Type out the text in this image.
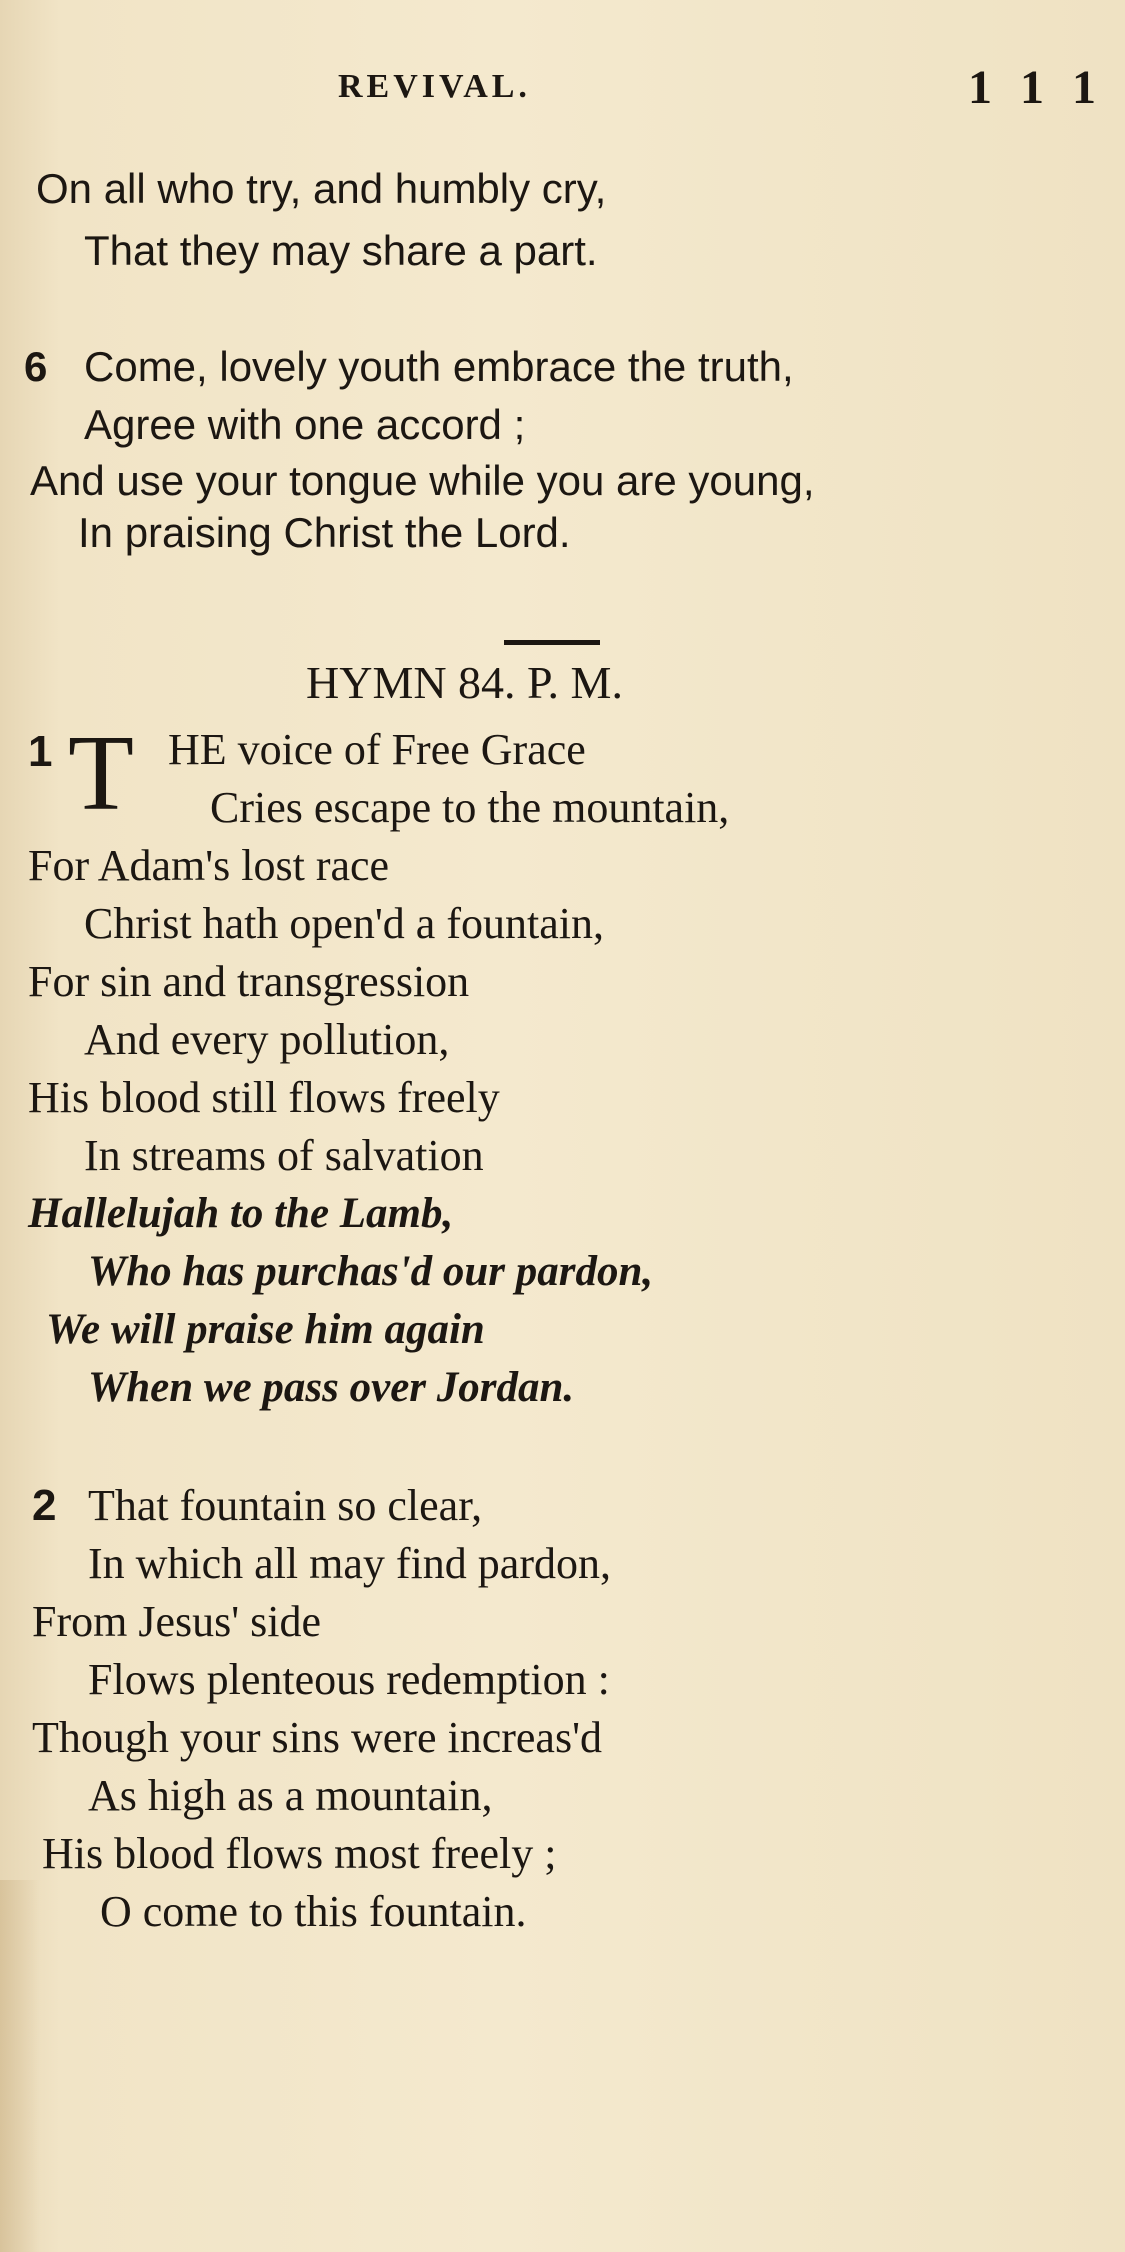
REVIVAL.	1 1 1
On all who try, and humbly cry,
That they may share a part.
6 Come, lovely youth embrace the truth,
Agree with one accord ;
And use your tongue while you are young,
In praising Christ the Lord.
HYMN 84. P. M.
1 T HE voice of Free Grace
Cries escape to the mountain,
For Adam's lost race
Christ hath open'd a fountain,
For sin and transgression
And every pollution,
His blood still flows freely
In streams of salvation
Hallelujah to the Lamb,
Who has purchas'd our pardon,
We will praise him again
When we pass over Jordan.
2 That fountain so clear,
In which all may find pardon,
From Jesus' side
Flows plenteous redemption :
Though your sins were increas'd
As high as a mountain,
His blood flows most freely ;
O come to this fountain.
